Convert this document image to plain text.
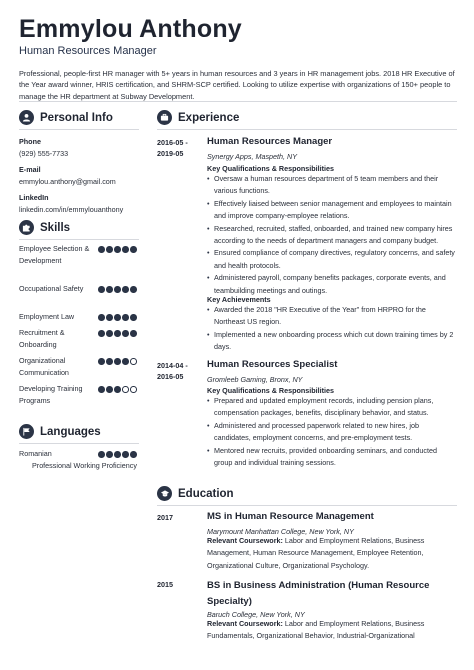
Emmylou Anthony
Human Resources Manager

Professional, people-first HR manager with 5+ years in human resources and 3 years in HR management jobs. 2018 HR Executive of the Year award winner, HRIS certification, and SHRM-SCP certified. Looking to utilize expertise with organizations of 150+ people to manage the HR department at Subway Development.

Personal Info
Phone
(929) 555-7733
E-mail
emmylou.anthony@gmail.com
LinkedIn
linkedin.com/in/emmylouanthony
Skills
Employee Selection & Development
Occupational Safety
Employment Law
Recruitment & Onboarding
Organizational Communication
Developing Training Programs
Languages
Romanian
Professional Working Proficiency
Experience
2016-05 - 2019-05
Human Resources Manager
Synergy Apps, Maspeth, NY
Key Qualifications & Responsibilities
• Oversaw a human resources department of 5 team members and their various functions.
• Effectively liaised between senior management and employees to maintain and improve company-employee relations.
• Researched, recruited, staffed, onboarded, and trained new company hires according to the needs of department managers and company budget.
• Ensured compliance of company directives, regulatory concerns, and safety and health protocols.
• Administered payroll, company benefits packages, corporate events, and teambuilding meetings and outings.
Key Achievements
• Awarded the 2018 "HR Executive of the Year" from HRPRO for the Northeast US region.
• Implemented a new onboarding process which cut down training times by 2 days.
2014-04 - 2016-05
Human Resources Specialist
Gromleeb Gaming, Bronx, NY
Key Qualifications & Responsibilities
• Prepared and updated employment records, including pension plans, compensation packages, benefits, disciplinary behavior, and status.
• Administered and processed paperwork related to new hires, job candidates, employment concerns, and pre-employment tests.
• Mentored new recruits, provided onboarding seminars, and conducted group and individual training sessions.
Education
2017	MS in Human Resource Management
Marymount Manhattan College, New York, NY
Relevant Coursework: Labor and Employment Relations, Business Management, Human Resource Management, Employee Retention, Organizational Culture, Organizational Psychology.
2015	BS in Business Administration (Human Resource
Specialty)
Baruch College, New York, NY
Relevant Coursework: Labor and Employment Relations, Business Fundamentals, Organizational Behavior, Industrial-Organizational
